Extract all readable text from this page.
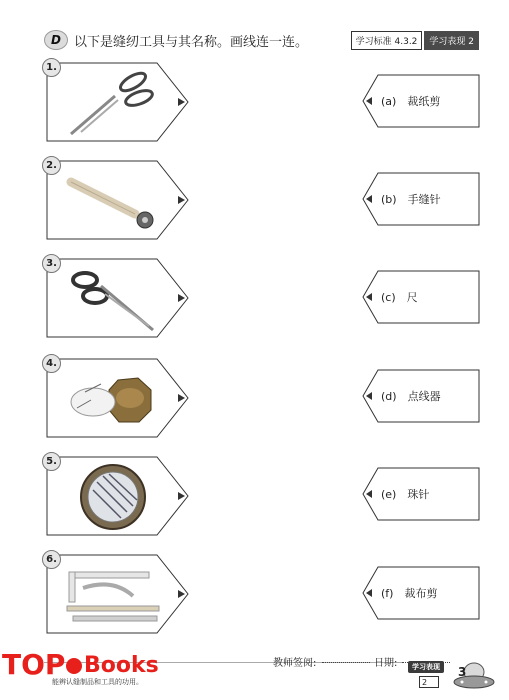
D	以下是缝纫工具与其名称。画线连一连。	学习标准 4.3.2	学习表现 2
1.
2.
3.
4.
5.
6.
(a) 裁纸剪
(b) 手缝针
(c) 尺
(d) 点线器
(e) 珠针
(f) 裁布剪
教师签阅:	日期:
能辨认缝制品和工具的功用。
学习表现
2
3
TOP Books
